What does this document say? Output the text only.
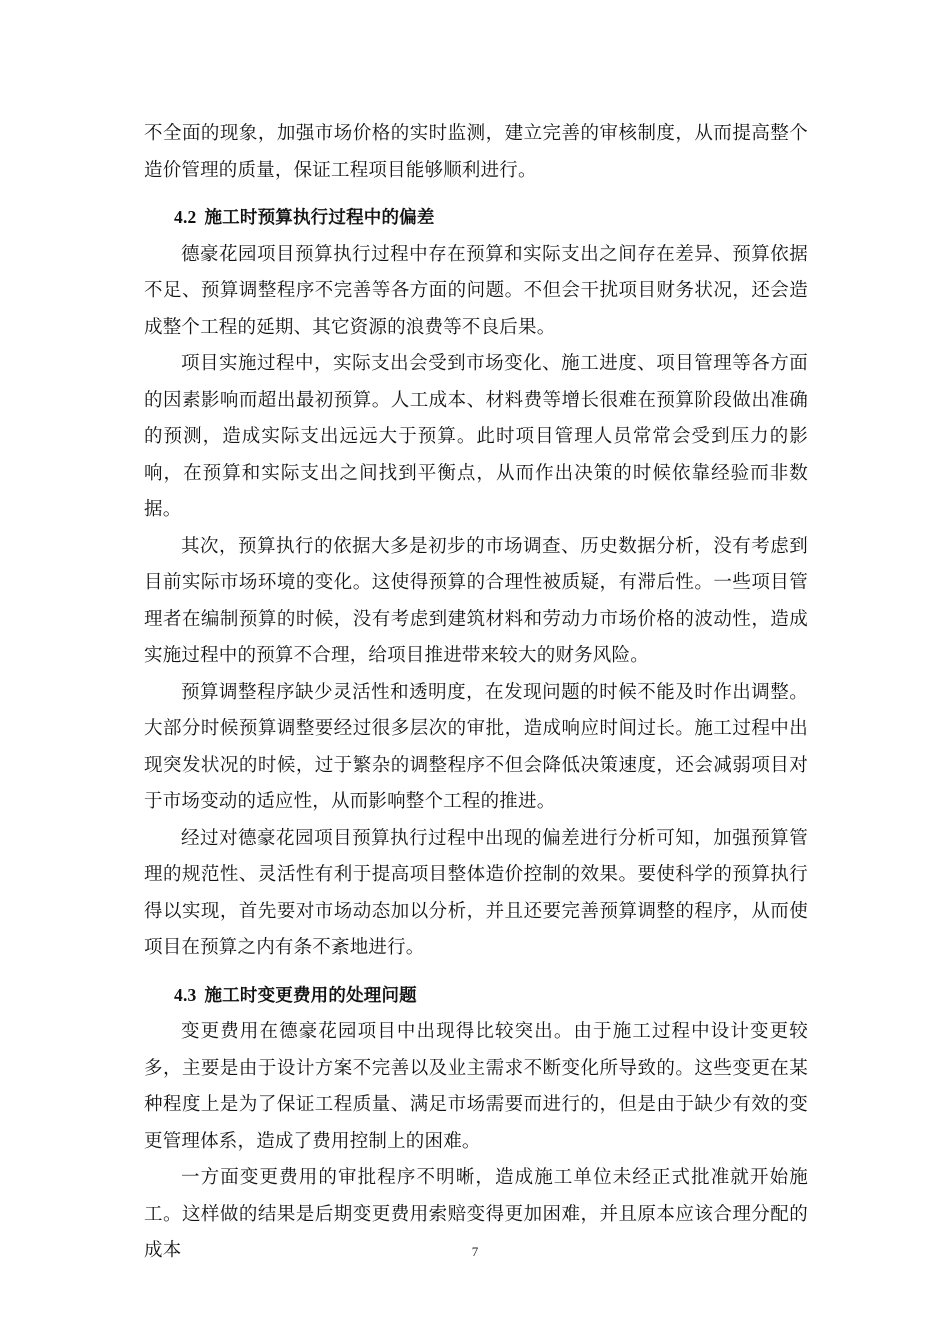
不全面的现象，加强市场价格的实时监测，建立完善的审核制度，从而提高整个造价管理的质量，保证工程项目能够顺利进行。

4.2 施工时预算执行过程中的偏差

德豪花园项目预算执行过程中存在预算和实际支出之间存在差异、预算依据不足、预算调整程序不完善等各方面的问题。不但会干扰项目财务状况，还会造成整个工程的延期、其它资源的浪费等不良后果。

项目实施过程中，实际支出会受到市场变化、施工进度、项目管理等各方面的因素影响而超出最初预算。人工成本、材料费等增长很难在预算阶段做出准确的预测，造成实际支出远远大于预算。此时项目管理人员常常会受到压力的影响，在预算和实际支出之间找到平衡点，从而作出决策的时候依靠经验而非数据。

其次，预算执行的依据大多是初步的市场调查、历史数据分析，没有考虑到目前实际市场环境的变化。这使得预算的合理性被质疑，有滞后性。一些项目管理者在编制预算的时候，没有考虑到建筑材料和劳动力市场价格的波动性，造成实施过程中的预算不合理，给项目推进带来较大的财务风险。

预算调整程序缺少灵活性和透明度，在发现问题的时候不能及时作出调整。大部分时候预算调整要经过很多层次的审批，造成响应时间过长。施工过程中出现突发状况的时候，过于繁杂的调整程序不但会降低决策速度，还会减弱项目对于市场变动的适应性，从而影响整个工程的推进。

经过对德豪花园项目预算执行过程中出现的偏差进行分析可知，加强预算管理的规范性、灵活性有利于提高项目整体造价控制的效果。要使科学的预算执行得以实现，首先要对市场动态加以分析，并且还要完善预算调整的程序，从而使项目在预算之内有条不紊地进行。

4.3 施工时变更费用的处理问题

变更费用在德豪花园项目中出现得比较突出。由于施工过程中设计变更较多，主要是由于设计方案不完善以及业主需求不断变化所导致的。这些变更在某种程度上是为了保证工程质量、满足市场需要而进行的，但是由于缺少有效的变更管理体系，造成了费用控制上的困难。

一方面变更费用的审批程序不明晰，造成施工单位未经正式批准就开始施工。这样做的结果是后期变更费用索赔变得更加困难，并且原本应该合理分配的成本	7
